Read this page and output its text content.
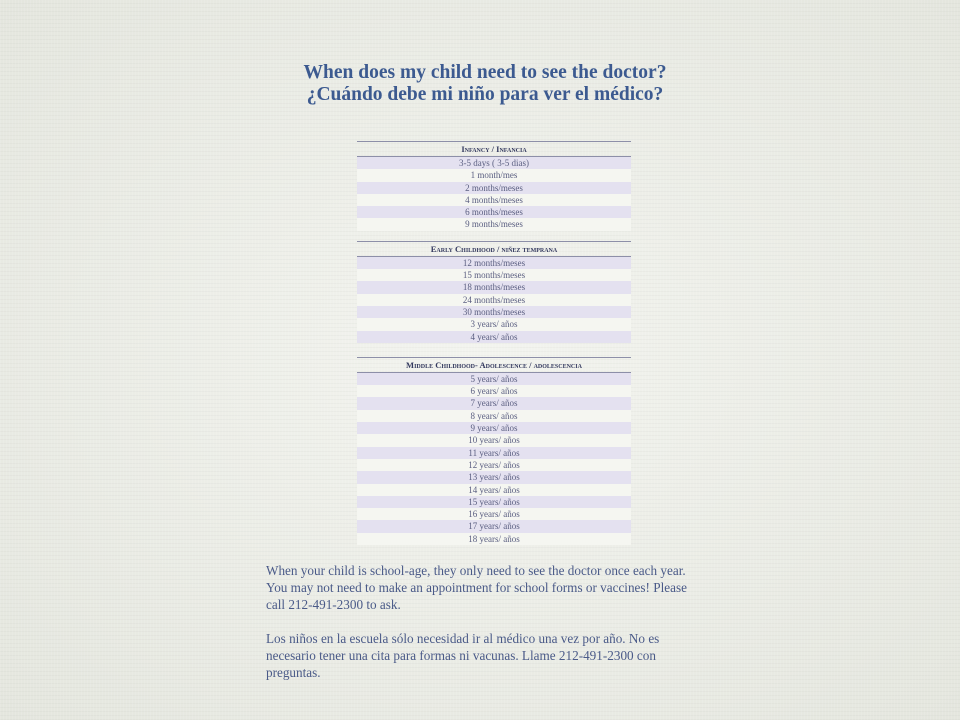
When does my child need to see the doctor?
¿Cuándo debe mi niño para ver el médico?
Infancy / Infancia
3-5 days ( 3-5 dias)
1 month/mes
2 months/meses
4 months/meses
6 months/meses
9 months/meses
Early Childhood / niñez temprana
12 months/meses
15 months/meses
18 months/meses
24 months/meses
30 months/meses
3 years/ años
4 years/ años
Middle Childhood- Adolescence / adolescencia
5 years/ años
6 years/ años
7 years/ años
8 years/ años
9 years/ años
10 years/ años
11 years/ años
12 years/ años
13 years/ años
14 years/ años
15 years/ años
16 years/ años
17 years/ años
18 years/ años

When your child is school-age, they only need to see the doctor once each year. You may not need to make an appointment for school forms or vaccines! Please call 212-491-2300 to ask.

Los niños en la escuela sólo necesidad ir al médico una vez por año. No es necesario tener una cita para formas ni vacunas. Llame 212-491-2300 con preguntas.
